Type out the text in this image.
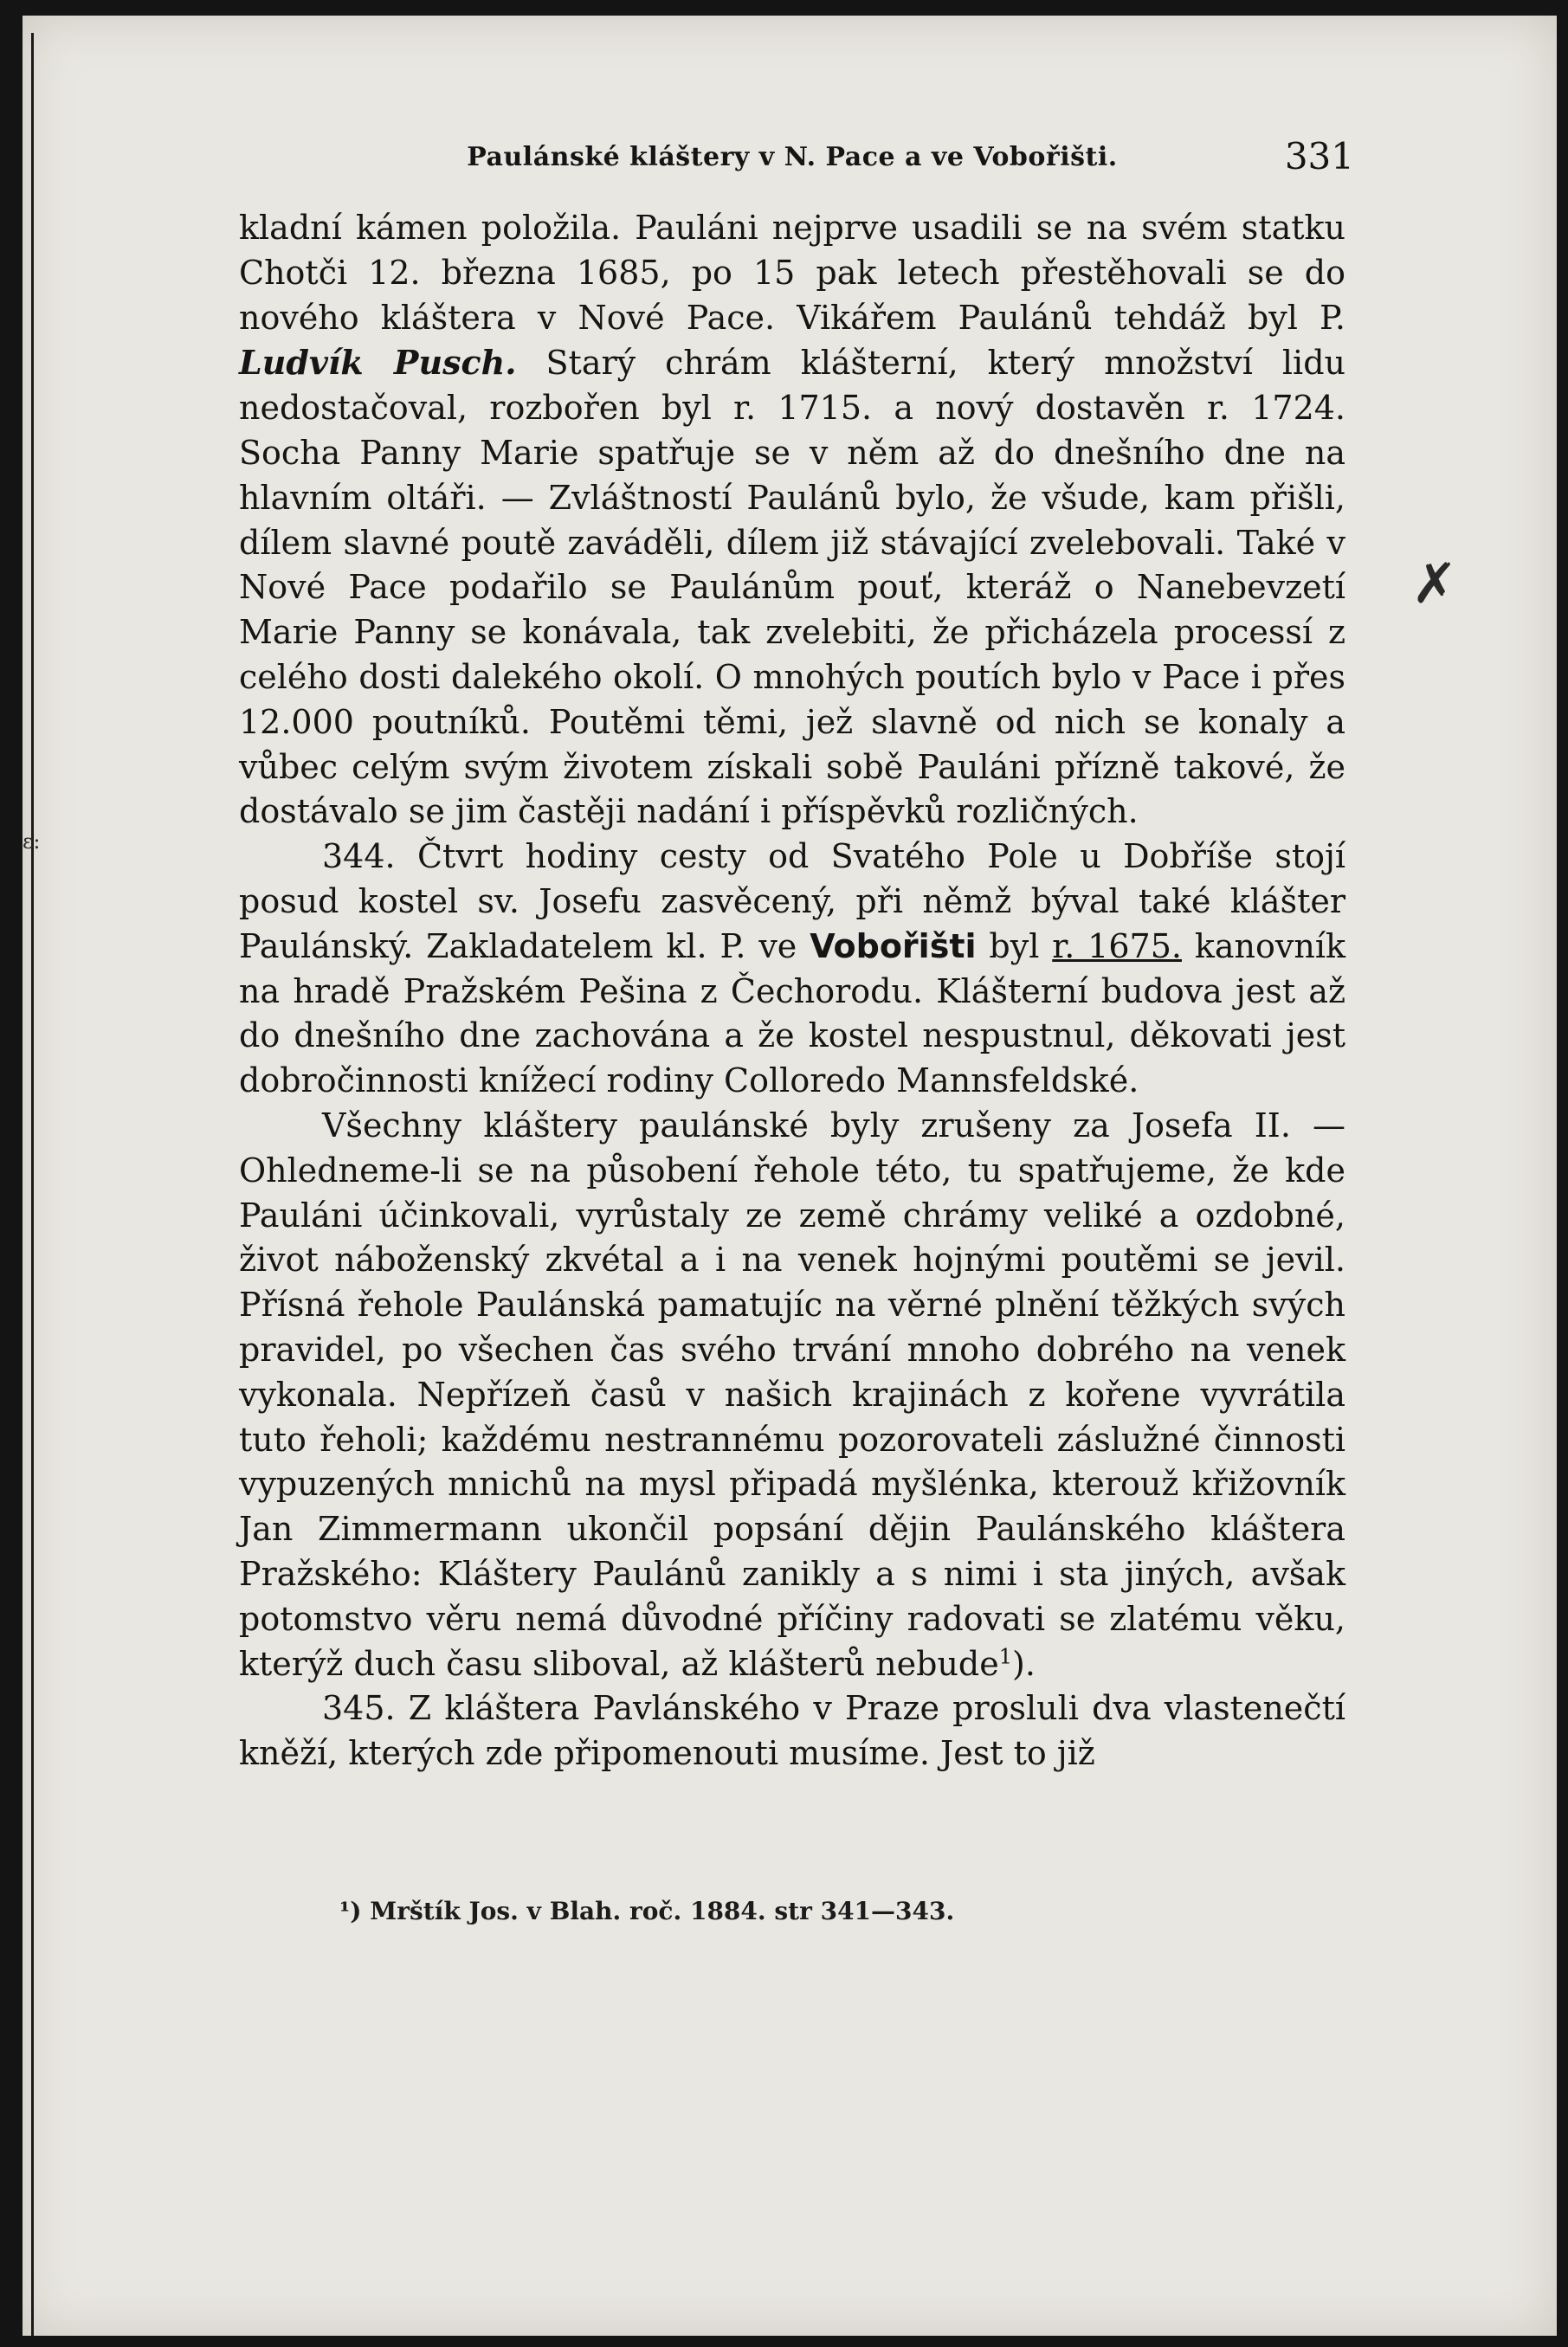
ε:
✗
Paulánské kláštery v N. Pace a ve Vobořišti.	331

kladní kámen položila. Pauláni nejprve usadili se na svém statku Chotči 12. března 1685, po 15 pak letech přestěhovali se do nového kláštera v Nové Pace. Vikářem Paulánů tehdáž byl P. Ludvík Pusch. Starý chrám klášterní, který množství lidu nedostačoval, rozbořen byl r. 1715. a nový dostavěn r. 1724. Socha Panny Marie spatřuje se v něm až do dnešního dne na hlavním oltáři. — Zvláštností Paulánů bylo, že všude, kam přišli, dílem slavné poutě zaváděli, dílem již stávající zvelebovali. Také v Nové Pace podařilo se Paulánům pouť, kteráž o Nanebevzetí Marie Panny se konávala, tak zvelebiti, že přicházela processí z celého dosti dalekého okolí. O mnohých poutích bylo v Pace i přes 12.000 poutníků. Poutěmi těmi, jež slavně od nich se konaly a vůbec celým svým životem získali sobě Pauláni přízně takové, že dostávalo se jim častěji nadání i příspěvků rozličných.

344. Čtvrt hodiny cesty od Svatého Pole u Dobříše stojí posud kostel sv. Josefu zasvěcený, při němž býval také klášter Paulánský. Zakladatelem kl. P. ve Vobořišti byl r. 1675. kanovník na hradě Pražském Pešina z Čechorodu. Klášterní budova jest až do dnešního dne zachována a že kostel nespustnul, děkovati jest dobročinnosti knížecí rodiny Colloredo Mannsfeldské.

Všechny kláštery paulánské byly zrušeny za Josefa II. — Ohledneme-li se na působení řehole této, tu spatřujeme, že kde Pauláni účinkovali, vyrůstaly ze země chrámy veliké a ozdobné, život náboženský zkvétal a i na venek hojnými poutěmi se jevil. Přísná řehole Paulánská pamatujíc na věrné plnění těžkých svých pravidel, po všechen čas svého trvání mnoho dobrého na venek vykonala. Nepřízeň časů v našich krajinách z kořene vyvrátila tuto řeholi; každému nestrannému pozorovateli záslužné činnosti vypuzených mnichů na mysl připadá myšlénka, kterouž křižovník Jan Zimmermann ukončil popsání dějin Paulánského kláštera Pražského: Kláštery Paulánů zanikly a s nimi i sta jiných, avšak potomstvo věru nemá důvodné příčiny radovati se zlatému věku, kterýž duch času sliboval, až klášterů nebude$^1$).

345. Z kláštera Pavlánského v Praze prosluli dva vlastenečtí kněží, kterých zde připomenouti musíme. Jest to již

¹) Mrštík Jos. v Blah. roč. 1884. str 341—343.
